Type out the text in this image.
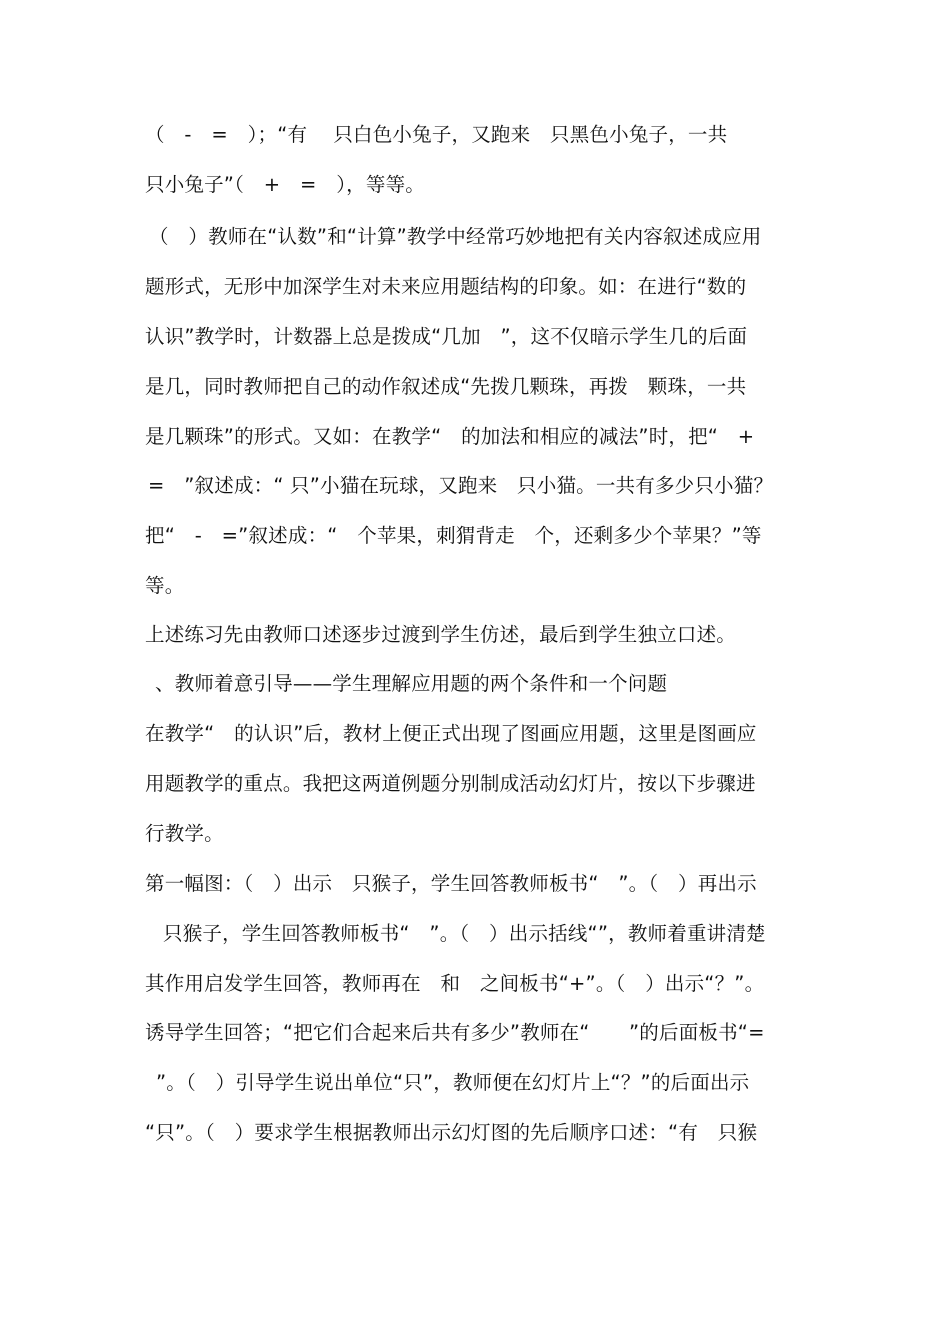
（　-　=　）；“有　 只白色小兔子，又跑来　只黑色小兔子，一共
只小兔子”（　+　=　），等等。
（　）教师在“认数”和“计算”教学中经常巧妙地把有关内容叙述成应用
题形式，无形中加深学生对未来应用题结构的印象。如：在进行“数的
认识”教学时，计数器上总是拨成“几加　”，这不仅暗示学生几的后面
是几，同时教师把自己的动作叙述成“先拨几颗珠，再拨　颗珠，一共
是几颗珠”的形式。又如：在教学“　的加法和相应的减法”时，把“　+
=　”叙述成：“ 只”小猫在玩球，又跑来　只小猫。一共有多少只小猫？
把“　-　=”叙述成：“　个苹果，刺猬背走　个，还剩多少个苹果？”等
等。
上述练习先由教师口述逐步过渡到学生仿述，最后到学生独立口述。
、教师着意引导——学生理解应用题的两个条件和一个问题
在教学“　的认识”后，教材上便正式出现了图画应用题，这里是图画应
用题教学的重点。我把这两道例题分别制成活动幻灯片，按以下步骤进
行教学。
第一幅图：（　）出示　只猴子，学生回答教师板书“　”。（　）再出示
只猴子，学生回答教师板书“　”。（　）出示括线“”，教师着重讲清楚
其作用启发学生回答，教师再在　和　之间板书“+”。（　）出示“？”。
诱导学生回答；“把它们合起来后共有多少”教师在“　　”的后面板书“=
”。（　）引导学生说出单位“只”，教师便在幻灯片上“？”的后面出示
“只”。（　）要求学生根据教师出示幻灯图的先后顺序口述：“有　只猴
